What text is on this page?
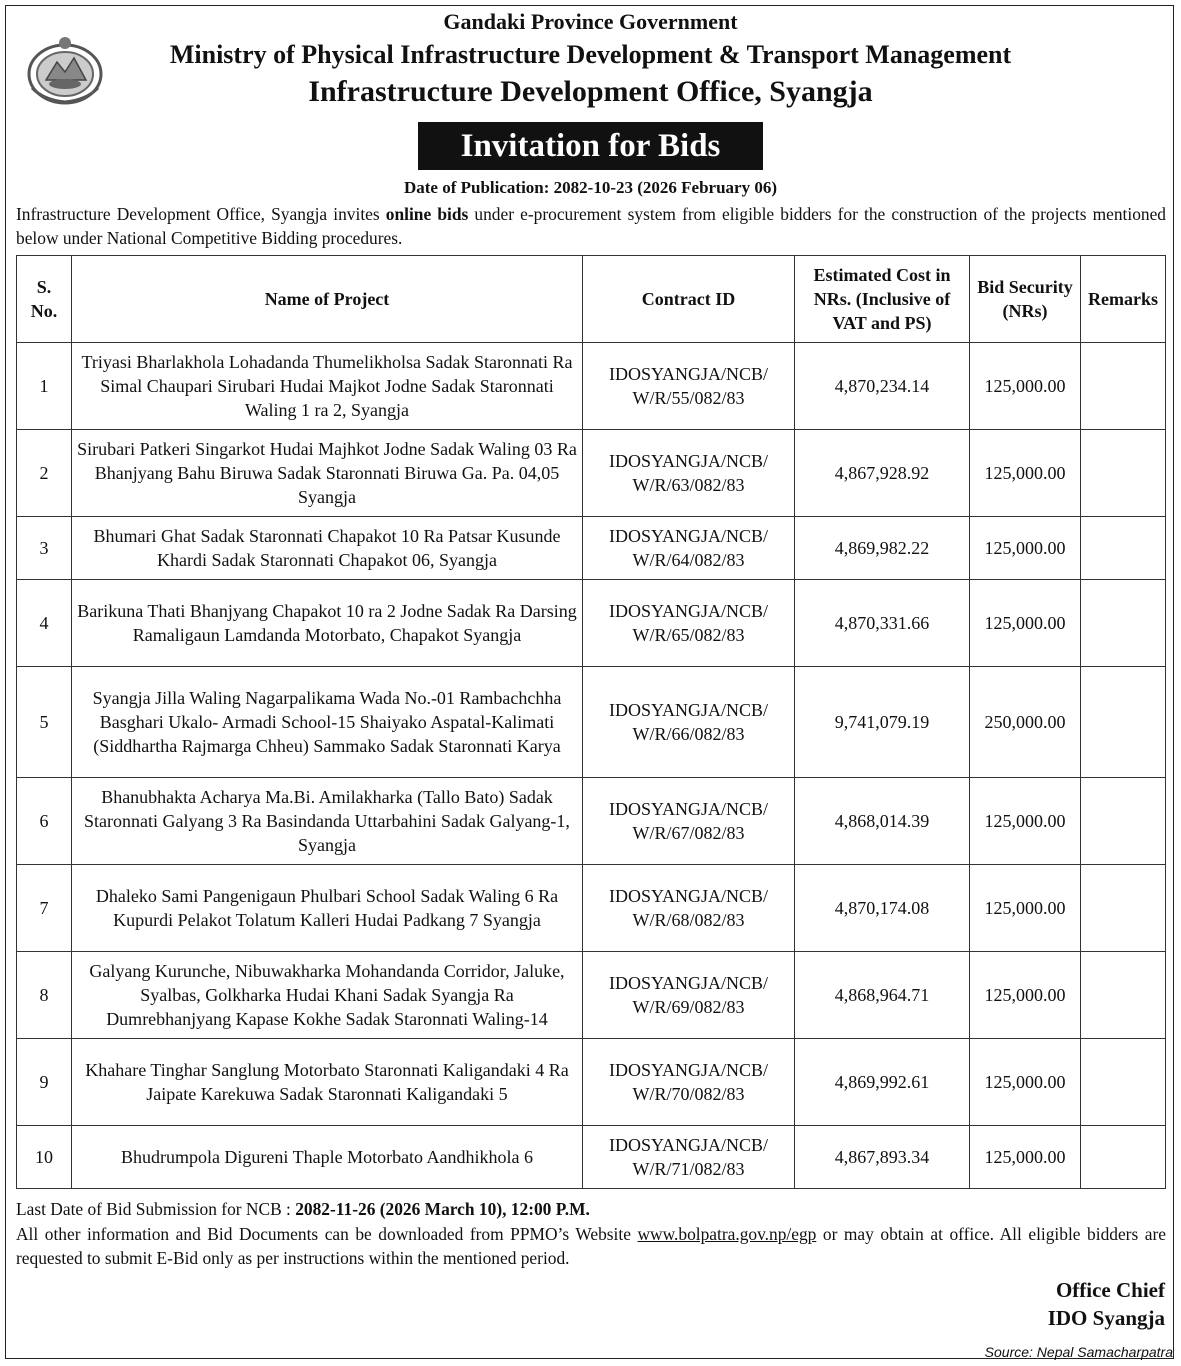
Gandaki Province Government
Ministry of Physical Infrastructure Development & Transport Management
Infrastructure Development Office, Syangja
Invitation for Bids
Date of Publication: 2082-10-23 (2026 February 06)
Infrastructure Development Office, Syangja invites online bids under e-procurement system from eligible bidders for the construction of the projects mentioned below under National Competitive Bidding procedures.
S.
No.	Name of Project	Contract ID	Estimated Cost in NRs. (Inclusive of VAT and PS)	Bid Security (NRs)	Remarks
1	Triyasi Bharlakhola Lohadanda Thumelikholsa Sadak Staronnati Ra Simal Chaupari Sirubari Hudai Majkot Jodne Sadak Staronnati Waling 1 ra 2, Syangja	IDOSYANGJA/NCB/ W/R/55/082/83	4,870,234.14	125,000.00	
2	Sirubari Patkeri Singarkot Hudai Majhkot Jodne Sadak Waling 03 Ra Bhanjyang Bahu Biruwa Sadak Staronnati Biruwa Ga. Pa. 04,05 Syangja	IDOSYANGJA/NCB/ W/R/63/082/83	4,867,928.92	125,000.00	
3	Bhumari Ghat Sadak Staronnati Chapakot 10 Ra Patsar Kusunde Khardi Sadak Staronnati Chapakot 06, Syangja	IDOSYANGJA/NCB/ W/R/64/082/83	4,869,982.22	125,000.00	
4	Barikuna Thati Bhanjyang Chapakot 10 ra 2 Jodne Sadak Ra Darsing Ramaligaun Lamdanda Motorbato, Chapakot Syangja	IDOSYANGJA/NCB/ W/R/65/082/83	4,870,331.66	125,000.00	
5	Syangja Jilla Waling Nagarpalikama Wada No.-01 Rambachchha Basghari Ukalo- Armadi School-15 Shaiyako Aspatal-Kalimati (Siddhartha Rajmarga Chheu) Sammako Sadak Staronnati Karya	IDOSYANGJA/NCB/ W/R/66/082/83	9,741,079.19	250,000.00	
6	Bhanubhakta Acharya Ma.Bi. Amilakharka (Tallo Bato) Sadak Staronnati Galyang 3 Ra Basindanda Uttarbahini Sadak Galyang-1, Syangja	IDOSYANGJA/NCB/ W/R/67/082/83	4,868,014.39	125,000.00	
7	Dhaleko Sami Pangenigaun Phulbari School Sadak Waling 6 Ra Kupurdi Pelakot Tolatum Kalleri Hudai Padkang 7 Syangja	IDOSYANGJA/NCB/ W/R/68/082/83	4,870,174.08	125,000.00	
8	Galyang Kurunche, Nibuwakharka Mohandanda Corridor, Jaluke, Syalbas, Golkharka Hudai Khani Sadak Syangja Ra Dumrebhanjyang Kapase Kokhe Sadak Staronnati Waling-14	IDOSYANGJA/NCB/ W/R/69/082/83	4,868,964.71	125,000.00	
9	Khahare Tinghar Sanglung Motorbato Staronnati Kaligandaki 4 Ra Jaipate Karekuwa Sadak Staronnati Kaligandaki 5	IDOSYANGJA/NCB/ W/R/70/082/83	4,869,992.61	125,000.00	
10	Bhudrumpola Digureni Thaple Motorbato Aandhikhola 6	IDOSYANGJA/NCB/ W/R/71/082/83	4,867,893.34	125,000.00	
Last Date of Bid Submission for NCB : 2082-11-26 (2026 March 10), 12:00 P.M.
All other information and Bid Documents can be downloaded from PPMO’s Website www.bolpatra.gov.np/egp or may obtain at office. All eligible bidders are requested to submit E-Bid only as per instructions within the mentioned period.
Office Chief
IDO Syangja
Source: Nepal Samacharpatra
